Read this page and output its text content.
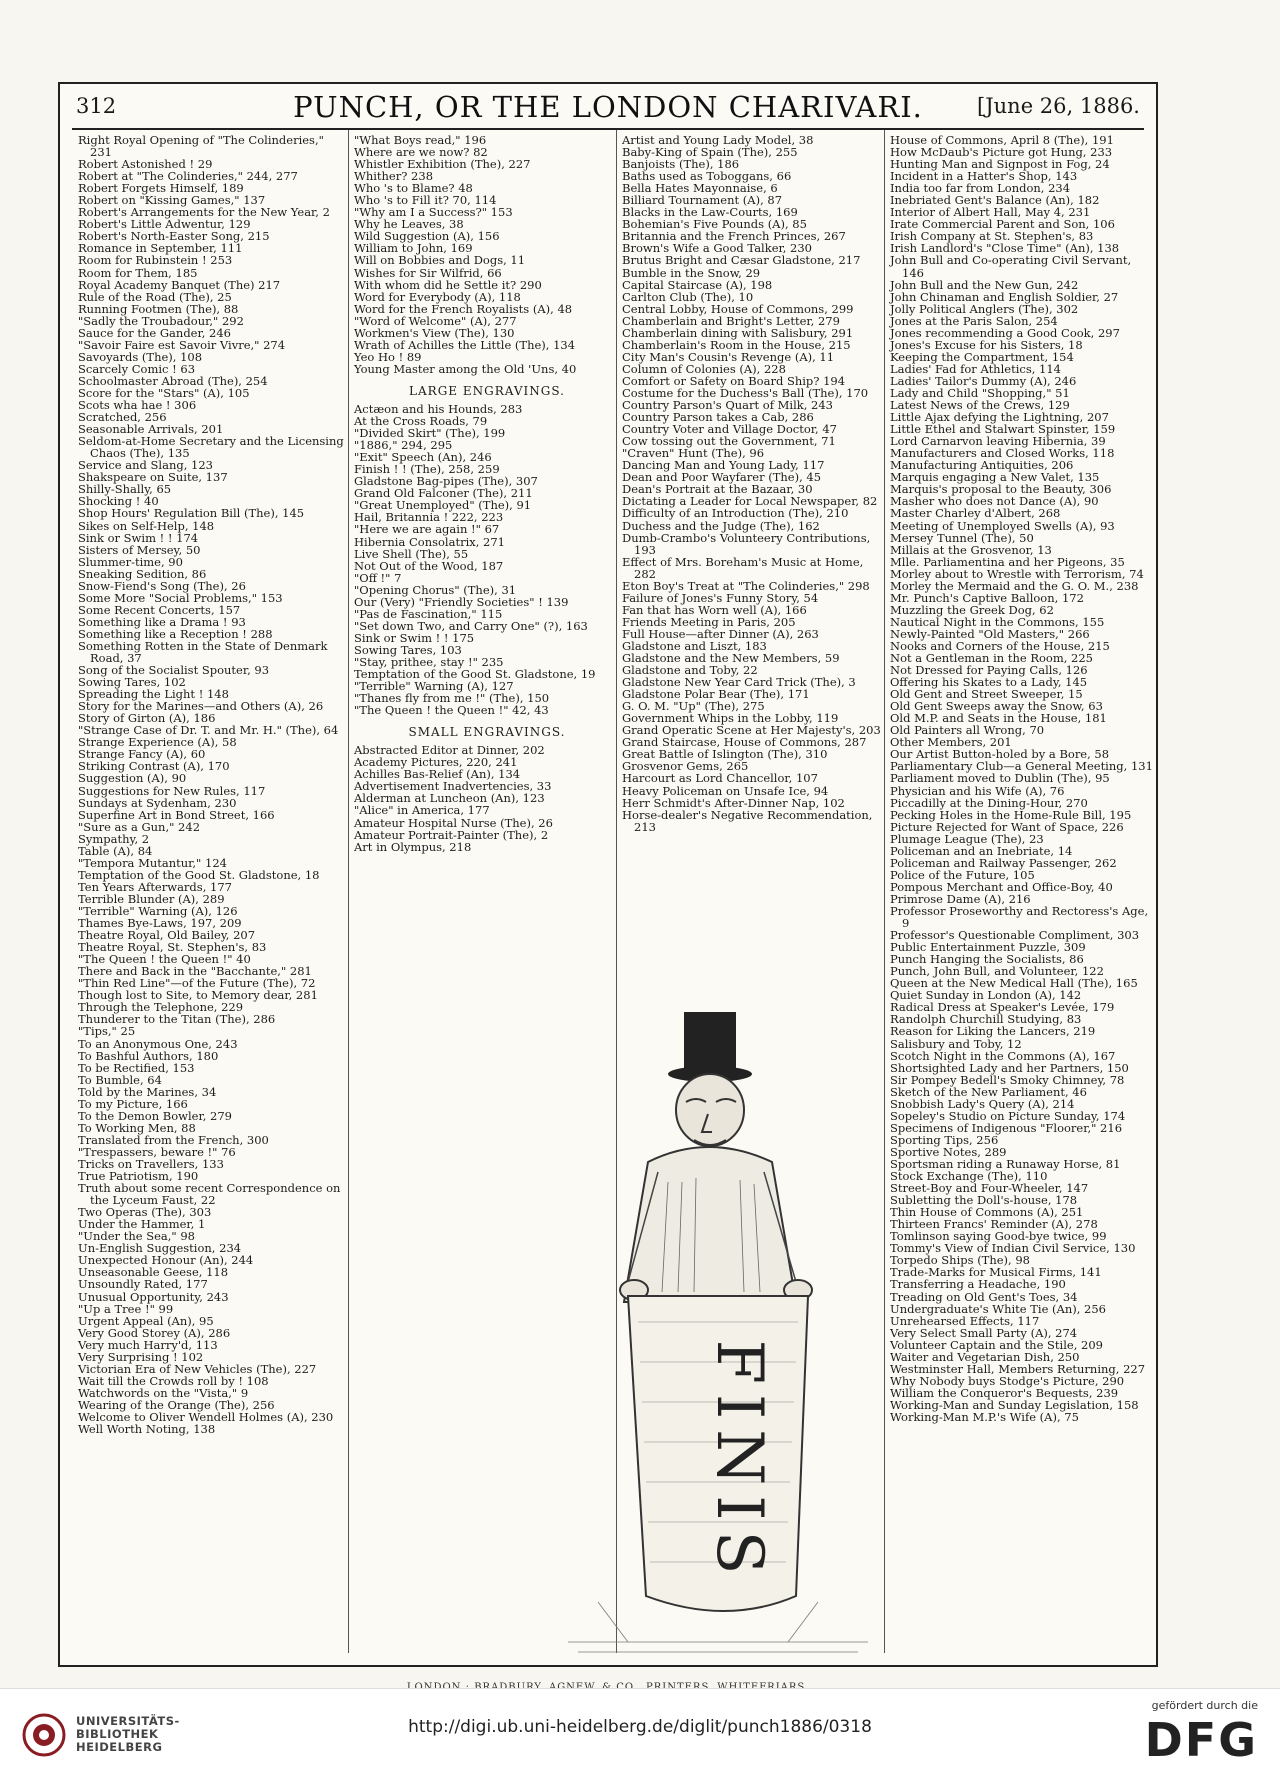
312	PUNCH, OR THE LONDON CHARIVARI.	[June 26, 1886.

Right Royal Opening of "The Colinderies," 231

Robert Astonished ! 29

Robert at "The Colinderies," 244, 277

Robert Forgets Himself, 189

Robert on "Kissing Games," 137

Robert's Arrangements for the New Year, 2

Robert's Little Adwentur, 129

Robert's North-Easter Song, 215

Romance in September, 111

Room for Rubinstein ! 253

Room for Them, 185

Royal Academy Banquet (The) 217

Rule of the Road (The), 25

Running Footmen (The), 88

"Sadly the Troubadour," 292

Sauce for the Gander, 246

"Savoir Faire est Savoir Vivre," 274

Savoyards (The), 108

Scarcely Comic ! 63

Schoolmaster Abroad (The), 254

Score for the "Stars" (A), 105

Scots wha hae ! 306

Scratched, 256

Seasonable Arrivals, 201

Seldom-at-Home Secretary and the Licensing Chaos (The), 135

Service and Slang, 123

Shakspeare on Suite, 137

Shilly-Shally, 65

Shocking ! 40

Shop Hours' Regulation Bill (The), 145

Sikes on Self-Help, 148

Sink or Swim ! ! 174

Sisters of Mersey, 50

Slummer-time, 90

Sneaking Sedition, 86

Snow-Fiend's Song (The), 26

Some More "Social Problems," 153

Some Recent Concerts, 157

Something like a Drama ! 93

Something like a Reception ! 288

Something Rotten in the State of Denmark Road, 37

Song of the Socialist Spouter, 93

Sowing Tares, 102

Spreading the Light ! 148

Story for the Marines—and Others (A), 26

Story of Girton (A), 186

"Strange Case of Dr. T. and Mr. H." (The), 64

Strange Experience (A), 58

Strange Fancy (A), 60

Striking Contrast (A), 170

Suggestion (A), 90

Suggestions for New Rules, 117

Sundays at Sydenham, 230

Superfine Art in Bond Street, 166

"Sure as a Gun," 242

Sympathy, 2

Table (A), 84

"Tempora Mutantur," 124

Temptation of the Good St. Gladstone, 18

Ten Years Afterwards, 177

Terrible Blunder (A), 289

"Terrible" Warning (A), 126

Thames Bye-Laws, 197, 209

Theatre Royal, Old Bailey, 207

Theatre Royal, St. Stephen's, 83

"The Queen ! the Queen !" 40

There and Back in the "Bacchante," 281

"Thin Red Line"—of the Future (The), 72

Though lost to Site, to Memory dear, 281

Through the Telephone, 229

Thunderer to the Titan (The), 286

"Tips," 25

To an Anonymous One, 243

To Bashful Authors, 180

To be Rectified, 153

To Bumble, 64

Told by the Marines, 34

To my Picture, 166

To the Demon Bowler, 279

To Working Men, 88

Translated from the French, 300

"Trespassers, beware !" 76

Tricks on Travellers, 133

True Patriotism, 190

Truth about some recent Correspondence on the Lyceum Faust, 22

Two Operas (The), 303

Under the Hammer, 1

"Under the Sea," 98

Un-English Suggestion, 234

Unexpected Honour (An), 244

Unseasonable Geese, 118

Unsoundly Rated, 177

Unusual Opportunity, 243

"Up a Tree !" 99

Urgent Appeal (An), 95

Very Good Storey (A), 286

Very much Harry'd, 113

Very Surprising ! 102

Victorian Era of New Vehicles (The), 227

Wait till the Crowds roll by ! 108

Watchwords on the "Vista," 9

Wearing of the Orange (The), 256

Welcome to Oliver Wendell Holmes (A), 230

Well Worth Noting, 138

"What Boys read," 196

Where are we now? 82

Whistler Exhibition (The), 227

Whither? 238

Who 's to Blame? 48

Who 's to Fill it? 70, 114

"Why am I a Success?" 153

Why he Leaves, 38

Wild Suggestion (A), 156

William to John, 169

Will on Bobbies and Dogs, 11

Wishes for Sir Wilfrid, 66

With whom did he Settle it? 290

Word for Everybody (A), 118

Word for the French Royalists (A), 48

"Word of Welcome" (A), 277

Workmen's View (The), 130

Wrath of Achilles the Little (The), 134

Yeo Ho ! 89

Young Master among the Old 'Uns, 40

LARGE ENGRAVINGS.

Actæon and his Hounds, 283

At the Cross Roads, 79

"Divided Skirt" (The), 199

"1886," 294, 295

"Exit" Speech (An), 246

Finish ! ! (The), 258, 259

Gladstone Bag-pipes (The), 307

Grand Old Falconer (The), 211

"Great Unemployed" (The), 91

Hail, Britannia ! 222, 223

"Here we are again !" 67

Hibernia Consolatrix, 271

Live Shell (The), 55

Not Out of the Wood, 187

"Off !" 7

"Opening Chorus" (The), 31

Our (Very) "Friendly Societies" ! 139

"Pas de Fascination," 115

"Set down Two, and Carry One" (?), 163

Sink or Swim ! ! 175

Sowing Tares, 103

"Stay, prithee, stay !" 235

Temptation of the Good St. Gladstone, 19

"Terrible" Warning (A), 127

"Thanes fly from me !" (The), 150

"The Queen ! the Queen !" 42, 43

SMALL ENGRAVINGS.

Abstracted Editor at Dinner, 202

Academy Pictures, 220, 241

Achilles Bas-Relief (An), 134

Advertisement Inadvertencies, 33

Alderman at Luncheon (An), 123

"Alice" in America, 177

Amateur Hospital Nurse (The), 26

Amateur Portrait-Painter (The), 2

Art in Olympus, 218

Artist and Young Lady Model, 38

Baby-King of Spain (The), 255

Banjoists (The), 186

Baths used as Toboggans, 66

Bella Hates Mayonnaise, 6

Billiard Tournament (A), 87

Blacks in the Law-Courts, 169

Bohemian's Five Pounds (A), 85

Britannia and the French Princes, 267

Brown's Wife a Good Talker, 230

Brutus Bright and Cæsar Gladstone, 217

Bumble in the Snow, 29

Capital Staircase (A), 198

Carlton Club (The), 10

Central Lobby, House of Commons, 299

Chamberlain and Bright's Letter, 279

Chamberlain dining with Salisbury, 291

Chamberlain's Room in the House, 215

City Man's Cousin's Revenge (A), 11

Column of Colonies (A), 228

Comfort or Safety on Board Ship? 194

Costume for the Duchess's Ball (The), 170

Country Parson's Quart of Milk, 243

Country Parson takes a Cab, 286

Country Voter and Village Doctor, 47

Cow tossing out the Government, 71

"Craven" Hunt (The), 96

Dancing Man and Young Lady, 117

Dean and Poor Wayfarer (The), 45

Dean's Portrait at the Bazaar, 30

Dictating a Leader for Local Newspaper, 82

Difficulty of an Introduction (The), 210

Duchess and the Judge (The), 162

Dumb-Crambo's Volunteery Contributions, 193

Effect of Mrs. Boreham's Music at Home, 282

Eton Boy's Treat at "The Colinderies," 298

Failure of Jones's Funny Story, 54

Fan that has Worn well (A), 166

Friends Meeting in Paris, 205

Full House—after Dinner (A), 263

Gladstone and Liszt, 183

Gladstone and the New Members, 59

Gladstone and Toby, 22

Gladstone New Year Card Trick (The), 3

Gladstone Polar Bear (The), 171

G. O. M. "Up" (The), 275

Government Whips in the Lobby, 119

Grand Operatic Scene at Her Majesty's, 203

Grand Staircase, House of Commons, 287

Great Battle of Islington (The), 310

Grosvenor Gems, 265

Harcourt as Lord Chancellor, 107

Heavy Policeman on Unsafe Ice, 94

Herr Schmidt's After-Dinner Nap, 102

Horse-dealer's Negative Recommendation, 213

House of Commons, April 8 (The), 191

How McDaub's Picture got Hung, 233

Hunting Man and Signpost in Fog, 24

Incident in a Hatter's Shop, 143

India too far from London, 234

Inebriated Gent's Balance (An), 182

Interior of Albert Hall, May 4, 231

Irate Commercial Parent and Son, 106

Irish Company at St. Stephen's, 83

Irish Landlord's "Close Time" (An), 138

John Bull and Co-operating Civil Servant, 146

John Bull and the New Gun, 242

John Chinaman and English Soldier, 27

Jolly Political Anglers (The), 302

Jones at the Paris Salon, 254

Jones recommending a Good Cook, 297

Jones's Excuse for his Sisters, 18

Keeping the Compartment, 154

Ladies' Fad for Athletics, 114

Ladies' Tailor's Dummy (A), 246

Lady and Child "Shopping," 51

Latest News of the Crews, 129

Little Ajax defying the Lightning, 207

Little Ethel and Stalwart Spinster, 159

Lord Carnarvon leaving Hibernia, 39

Manufacturers and Closed Works, 118

Manufacturing Antiquities, 206

Marquis engaging a New Valet, 135

Marquis's proposal to the Beauty, 306

Masher who does not Dance (A), 90

Master Charley d'Albert, 268

Meeting of Unemployed Swells (A), 93

Mersey Tunnel (The), 50

Millais at the Grosvenor, 13

Mlle. Parliamentina and her Pigeons, 35

Morley about to Wrestle with Terrorism, 74

Morley the Mermaid and the G. O. M., 238

Mr. Punch's Captive Balloon, 172

Muzzling the Greek Dog, 62

Nautical Night in the Commons, 155

Newly-Painted "Old Masters," 266

Nooks and Corners of the House, 215

Not a Gentleman in the Room, 225

Not Dressed for Paying Calls, 126

Offering his Skates to a Lady, 145

Old Gent and Street Sweeper, 15

Old Gent Sweeps away the Snow, 63

Old M.P. and Seats in the House, 181

Old Painters all Wrong, 70

Other Members, 201

Our Artist Button-holed by a Bore, 58

Parliamentary Club—a General Meeting, 131

Parliament moved to Dublin (The), 95

Physician and his Wife (A), 76

Piccadilly at the Dining-Hour, 270

Pecking Holes in the Home-Rule Bill, 195

Picture Rejected for Want of Space, 226

Plumage League (The), 23

Policeman and an Inebriate, 14

Policeman and Railway Passenger, 262

Police of the Future, 105

Pompous Merchant and Office-Boy, 40

Primrose Dame (A), 216

Professor Proseworthy and Rectoress's Age, 9

Professor's Questionable Compliment, 303

Public Entertainment Puzzle, 309

Punch Hanging the Socialists, 86

Punch, John Bull, and Volunteer, 122

Queen at the New Medical Hall (The), 165

Quiet Sunday in London (A), 142

Radical Dress at Speaker's Levée, 179

Randolph Churchill Studying, 83

Reason for Liking the Lancers, 219

Salisbury and Toby, 12

Scotch Night in the Commons (A), 167

Shortsighted Lady and her Partners, 150

Sir Pompey Bedell's Smoky Chimney, 78

Sketch of the New Parliament, 46

Snobbish Lady's Query (A), 214

Sopeley's Studio on Picture Sunday, 174

Specimens of Indigenous "Floorer," 216

Sporting Tips, 256

Sportive Notes, 289

Sportsman riding a Runaway Horse, 81

Stock Exchange (The), 110

Street-Boy and Four-Wheeler, 147

Subletting the Doll's-house, 178

Thin House of Commons (A), 251

Thirteen Francs' Reminder (A), 278

Tomlinson saying Good-bye twice, 99

Tommy's View of Indian Civil Service, 130

Torpedo Ships (The), 98

Trade-Marks for Musical Firms, 141

Transferring a Headache, 190

Treading on Old Gent's Toes, 34

Undergraduate's White Tie (An), 256

Unrehearsed Effects, 117

Very Select Small Party (A), 274

Volunteer Captain and the Stile, 209

Waiter and Vegetarian Dish, 250

Westminster Hall, Members Returning, 227

Why Nobody buys Stodge's Picture, 290

William the Conqueror's Bequests, 239

Working-Man and Sunday Legislation, 158

Working-Man M.P.'s Wife (A), 75

FINIS
UNIVERSITÄTS-
BIBLIOTHEK
HEIDELBERG
http://digi.ub.uni-heidelberg.de/diglit/punch1886/0318
gefördert durch die
DFG
